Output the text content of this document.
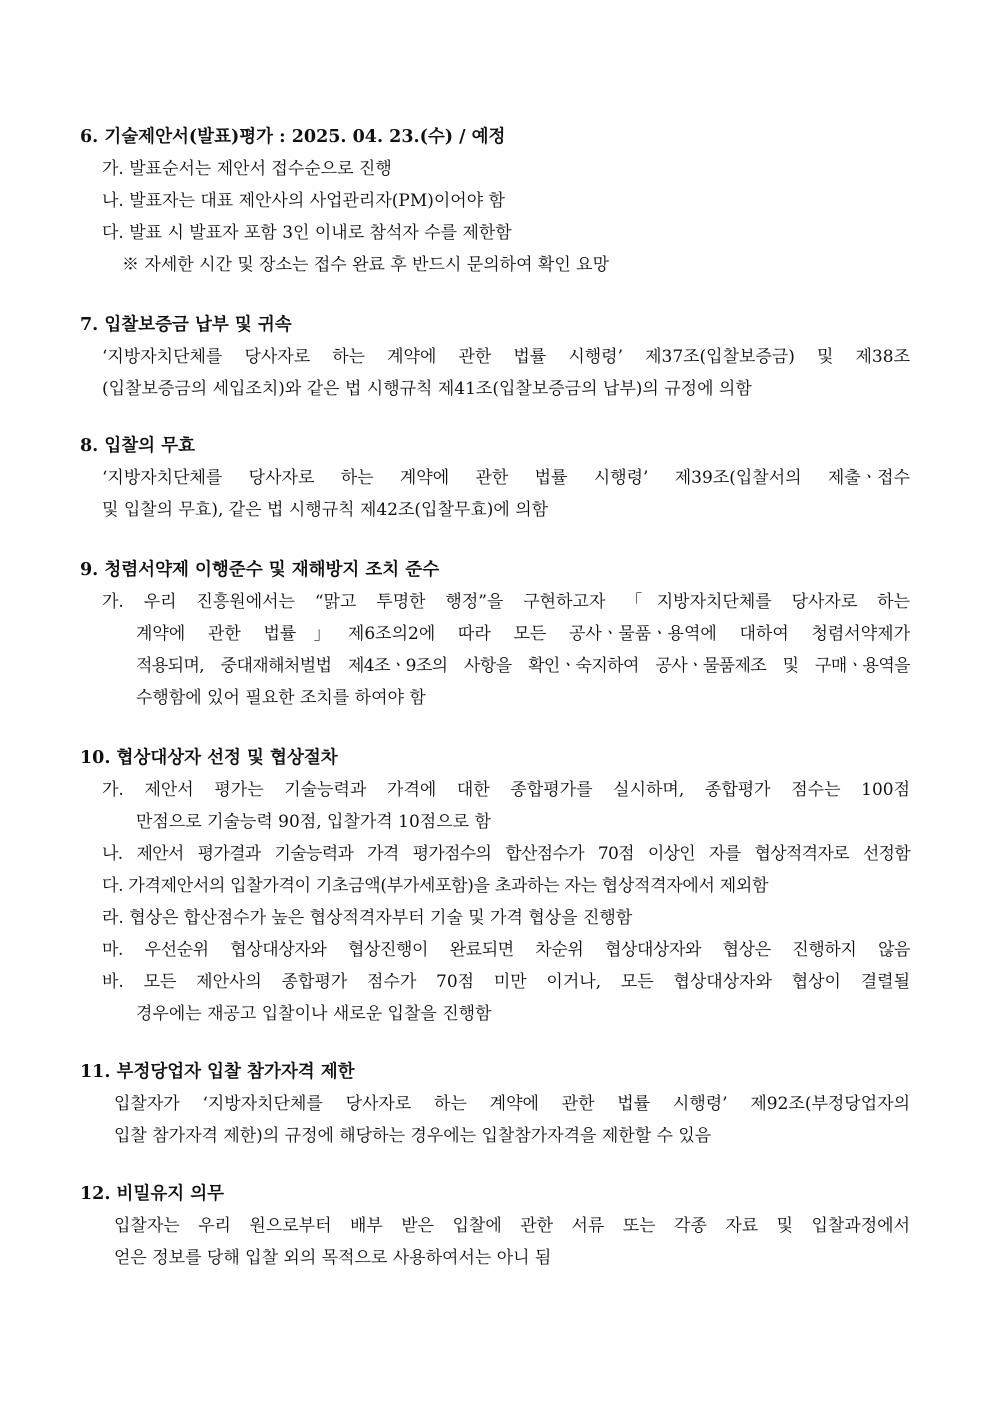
6. 기술제안서(발표)평가 : 2025. 04. 23.(수) / 예정
가. 발표순서는 제안서 접수순으로 진행
나. 발표자는 대표 제안사의 사업관리자(PM)이어야 함
다. 발표 시 발표자 포함 3인 이내로 참석자 수를 제한함
※ 자세한 시간 및 장소는 접수 완료 후 반드시 문의하여 확인 요망
7. 입찰보증금 납부 및 귀속
‘지방자치단체를 당사자로 하는 계약에 관한 법률 시행령’ 제37조(입찰보증금) 및 제38조
(입찰보증금의 세입조치)와 같은 법 시행규칙 제41조(입찰보증금의 납부)의 규정에 의함
8. 입찰의 무효
‘지방자치단체를 당사자로 하는 계약에 관한 법률 시행령’ 제39조(입찰서의 제출ㆍ접수
및 입찰의 무효), 같은 법 시행규칙 제42조(입찰무효)에 의함
9. 청렴서약제 이행준수 및 재해방지 조치 준수
가. 우리 진흥원에서는 “맑고 투명한 행정”을 구현하고자 「지방자치단체를 당사자로 하는
계약에 관한 법률」제6조의2에 따라 모든 공사ㆍ물품ㆍ용역에 대하여 청렴서약제가
적용되며, 중대재해처벌법 제4조ㆍ9조의 사항을 확인ㆍ숙지하여 공사ㆍ물품제조 및 구매ㆍ용역을
수행함에 있어 필요한 조치를 하여야 함
10. 협상대상자 선정 및 협상절차
가. 제안서 평가는 기술능력과 가격에 대한 종합평가를 실시하며, 종합평가 점수는 100점
만점으로 기술능력 90점, 입찰가격 10점으로 함
나. 제안서 평가결과 기술능력과 가격 평가점수의 합산점수가 70점 이상인 자를 협상적격자로 선정함
다. 가격제안서의 입찰가격이 기초금액(부가세포함)을 초과하는 자는 협상적격자에서 제외함
라. 협상은 합산점수가 높은 협상적격자부터 기술 및 가격 협상을 진행함
마. 우선순위 협상대상자와 협상진행이 완료되면 차순위 협상대상자와 협상은 진행하지 않음
바. 모든 제안사의 종합평가 점수가 70점 미만 이거나, 모든 협상대상자와 협상이 결렬될
경우에는 재공고 입찰이나 새로운 입찰을 진행함
11. 부정당업자 입찰 참가자격 제한
입찰자가 ‘지방자치단체를 당사자로 하는 계약에 관한 법률 시행령’ 제92조(부정당업자의
입찰 참가자격 제한)의 규정에 해당하는 경우에는 입찰참가자격을 제한할 수 있음
12. 비밀유지 의무
입찰자는 우리 원으로부터 배부 받은 입찰에 관한 서류 또는 각종 자료 및 입찰과정에서
얻은 정보를 당해 입찰 외의 목적으로 사용하여서는 아니 됨
